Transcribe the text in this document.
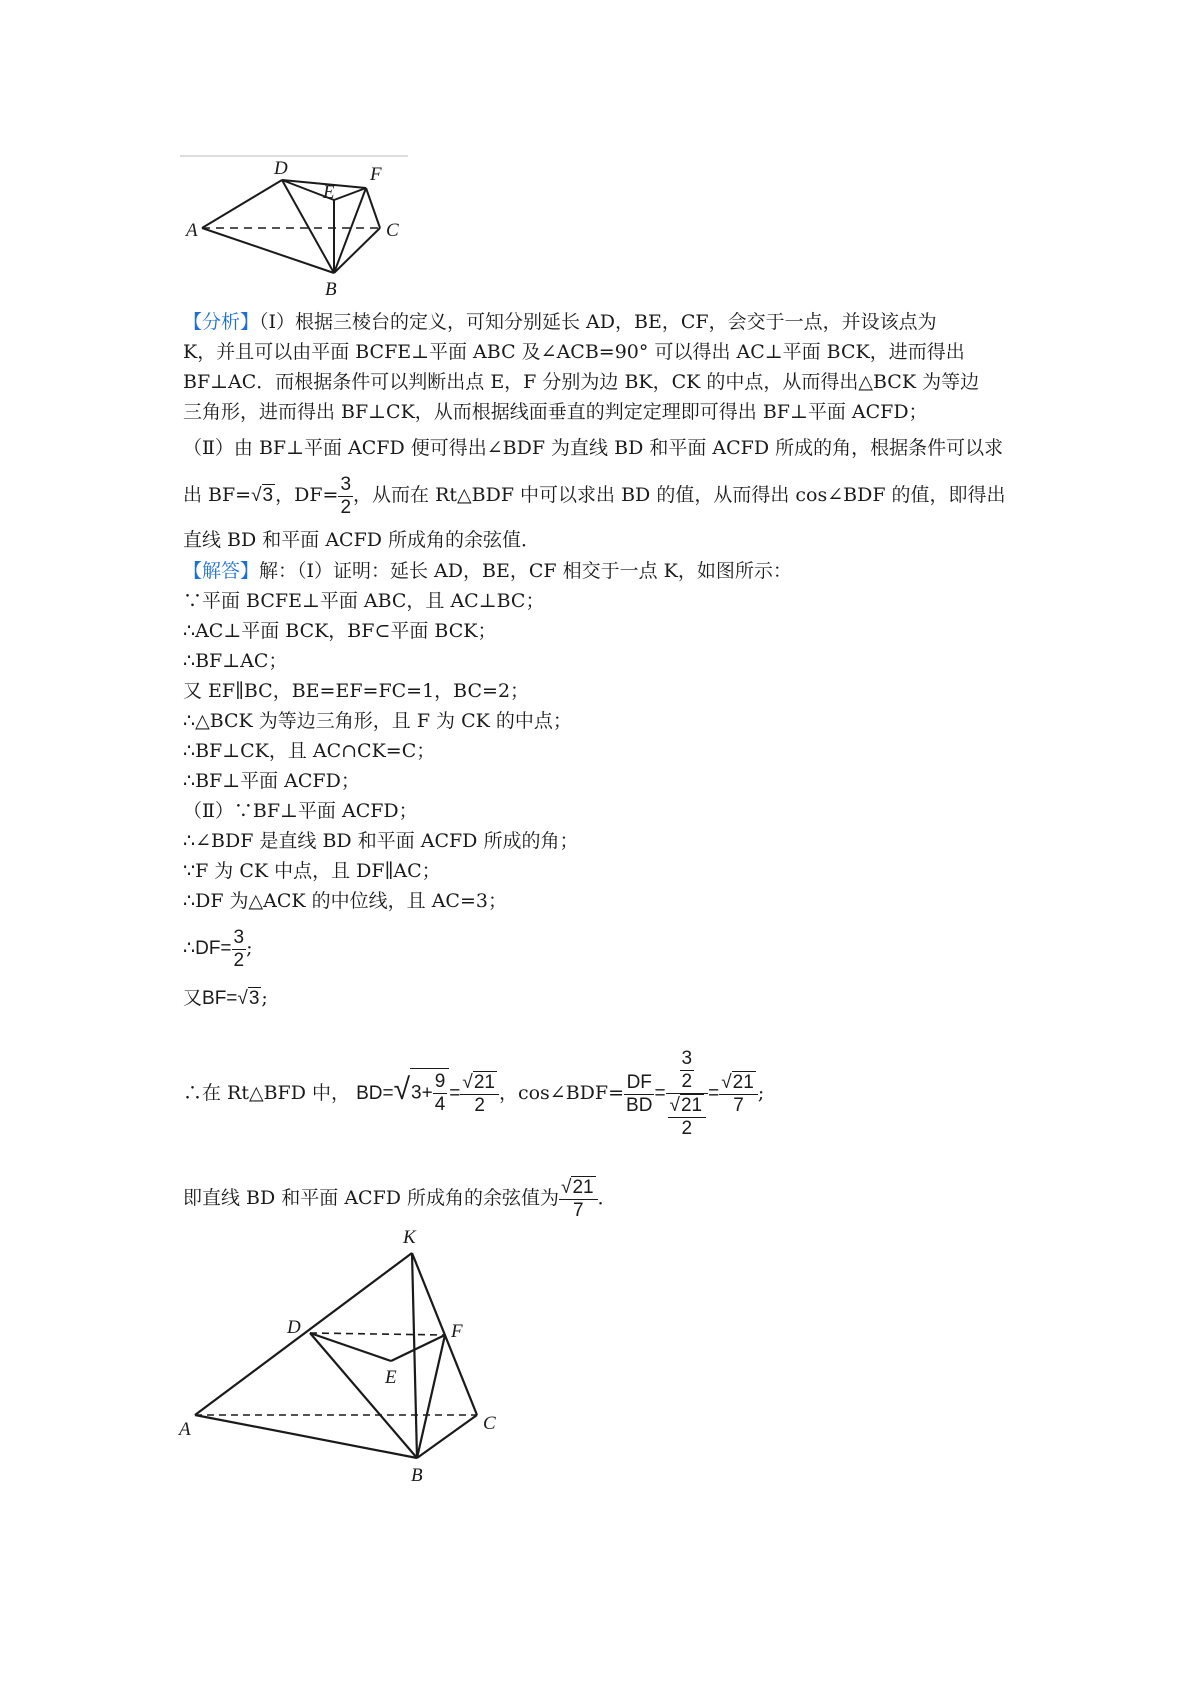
D	F
E
A	C
B
【分析】（Ⅰ）根据三棱台的定义，可知分别延长 AD，BE，CF，会交于一点，并设该点为
K，并且可以由平面 BCFE⊥平面 ABC 及∠ACB=90° 可以得出 AC⊥平面 BCK，进而得出
BF⊥AC．而根据条件可以判断出点 E，F 分别为边 BK，CK 的中点，从而得出△BCK 为等边
三角形，进而得出 BF⊥CK，从而根据线面垂直的判定定理即可得出 BF⊥平面 ACFD；
（Ⅱ）由 BF⊥平面 ACFD 便可得出∠BDF 为直线 BD 和平面 ACFD 所成的角，根据条件可以求
出 BF=√3 ，$DF= \frac{3}{2}$ ，从而在 Rt△BDF 中可以求出 BD 的值，从而得出 cos∠BDF 的值，即得出
直线 BD 和平面 ACFD 所成角的余弦值．
【解答】解：（Ⅰ）证明：延长 AD，BE，CF 相交于一点 K，如图所示：
∵平面 BCFE⊥平面 ABC，且 AC⊥BC；
∴AC⊥平面 BCK，BF⊂平面 BCK；
∴BF⊥AC；
又 EF∥BC，BE=EF=FC=1，BC=2；
∴△BCK 为等边三角形，且 F 为 CK 的中点；
∴BF⊥CK，且 AC∩CK=C；
∴BF⊥平面 ACFD；
（Ⅱ）∵BF⊥平面 ACFD；
∴∠BDF 是直线 BD 和平面 ACFD 所成的角；
∵F 为 CK 中点，且 DF∥AC；
∴DF 为△ACK 的中位线，且 AC=3；
∴DF= $\frac{3}{2}$ ;
又BF=√3 ;
∴在 Rt△BFD 中， $BD=√3+ \frac{9}{4} = \frac{√21}{2}$ ，cos∠BDF= $\frac{DF}{BD} = \frac{\frac{3}{2}}{\frac{√21}{2}} = \frac{√21}{7}$ ;
即直线 BD 和平面 ACFD 所成角的余弦值为 $\frac{√21}{7}$ ．
K
D	F
E
A	C
B
